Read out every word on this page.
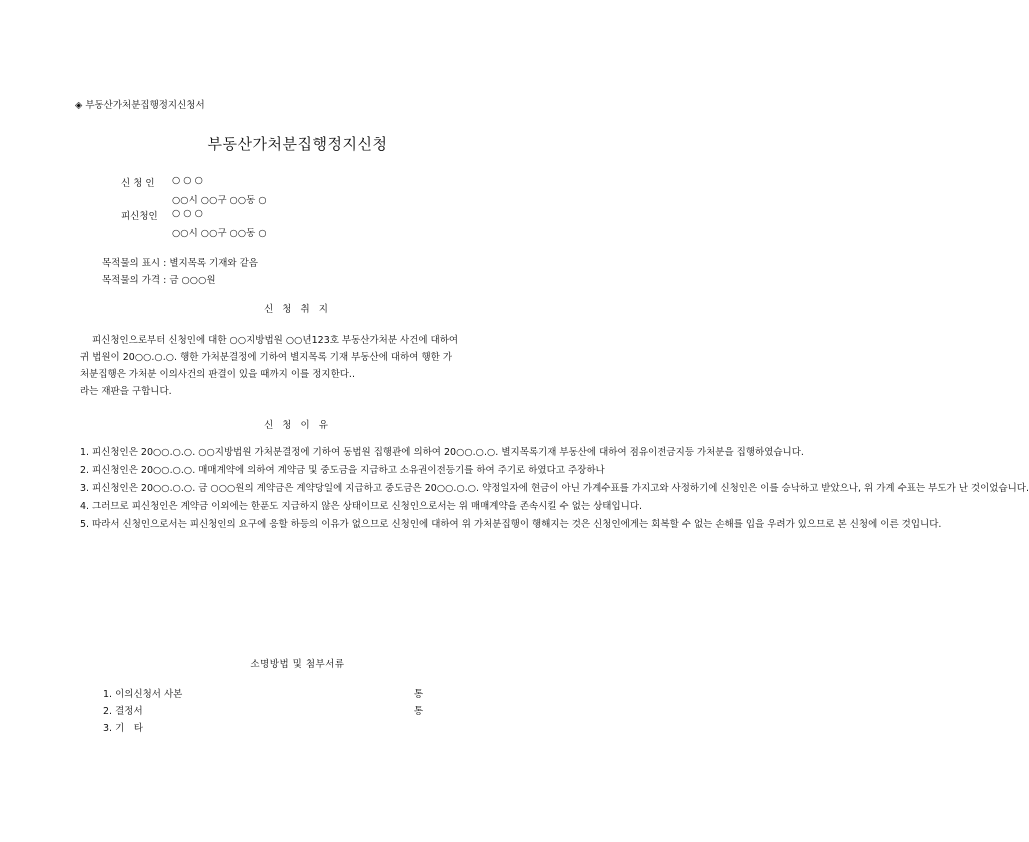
◈ 부동산가처분집행정지신청서
부동산가처분집행정지신청
신 청 인 ○ ○ ○
○○시 ○○구 ○○동 ○
피신청인 ○ ○ ○
○○시 ○○구 ○○동 ○
목적물의 표시 : 별지목록 기재와 같음
목적물의 가격 : 금 ○○○원
신 청 취 지

피신청인으로부터 신청인에 대한 ○○지방법원 ○○년123호 부동산가처분 사건에 대하여

귀 법원이 20○○.○.○. 행한 가처분결정에 기하여 별지목록 기재 부동산에 대하여 행한 가

처분집행은 가처분 이의사건의 판결이 있을 때까지 이를 정지한다..

라는 재판을 구합니다.

신 청 이 유
1. 피신청인은 20○○.○.○. ○○지방법원 가처분결정에 기하여 동법원 집행관에 의하여 20○○.○.○. 별지목록기재 부동산에 대하여 점유이전금지등 가처분을 집행하였습니다.
2. 피신청인은 20○○.○.○. 매매계약에 의하여 계약금 및 중도금을 지급하고 소유권이전등기를 하여 주기로 하였다고 주장하나
3. 피신청인은 20○○.○.○. 금 ○○○원의 계약금은 계약당일에 지급하고 중도금은 20○○.○.○. 약정일자에 현금이 아닌 가계수표를 가지고와 사정하기에 신청인은 이를 승낙하고 받았으나, 위 가계 수표는 부도가 난 것이었습니다.
4. 그러므로 피신청인은 계약금 이외에는 한푼도 지급하지 않은 상태이므로 신청인으로서는 위 매매계약을 존속시킬 수 없는 상태입니다.
5. 따라서 신청인으로서는 피신청인의 요구에 응할 하등의 이유가 없으므로 신청인에 대하여 위 가처분집행이 행해지는 것은 신청인에게는 회복할 수 없는 손해를 입을 우려가 있으므로 본 신청에 이른 것입니다.
소명방법 및 첨부서류
1. 이의신청서 사본	통
2. 결정서	통
3. 기　타
